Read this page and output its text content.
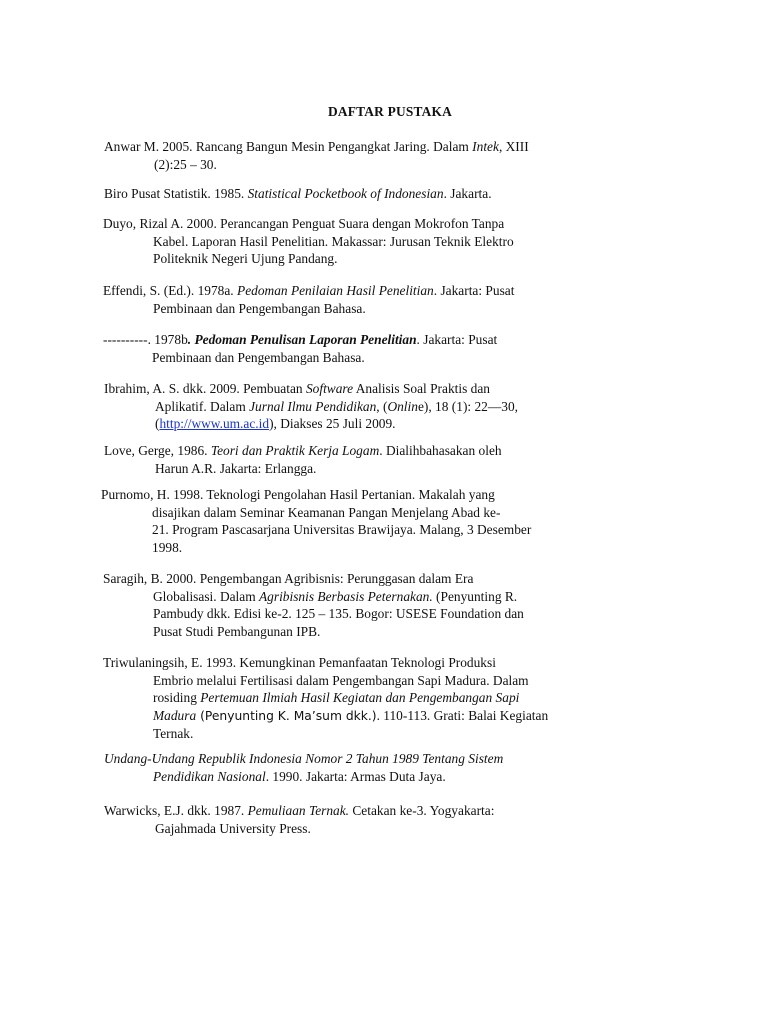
DAFTAR PUSTAKA
Anwar M. 2005. Rancang Bangun Mesin Pengangkat Jaring. Dalam Intek, XIII
(2):25 – 30.
Biro Pusat Statistik. 1985. Statistical Pocketbook of Indonesian. Jakarta.
Duyo, Rizal A. 2000. Perancangan Penguat Suara dengan Mokrofon Tanpa
Kabel. Laporan Hasil Penelitian. Makassar: Jurusan Teknik Elektro
Politeknik Negeri Ujung Pandang.
Effendi, S. (Ed.). 1978a. Pedoman Penilaian Hasil Penelitian. Jakarta: Pusat
Pembinaan dan Pengembangan Bahasa.
----------. 1978b. Pedoman Penulisan Laporan Penelitian. Jakarta: Pusat
Pembinaan dan Pengembangan Bahasa.
Ibrahim, A. S. dkk. 2009. Pembuatan Software Analisis Soal Praktis dan
Aplikatif. Dalam Jurnal Ilmu Pendidikan, (Online), 18 (1): 22—30,
(http://www.um.ac.id), Diakses 25 Juli 2009.
Love, Gerge, 1986. Teori dan Praktik Kerja Logam. Dialihbahasakan oleh
Harun A.R. Jakarta: Erlangga.
Purnomo, H. 1998. Teknologi Pengolahan Hasil Pertanian. Makalah yang
disajikan dalam Seminar Keamanan Pangan Menjelang Abad ke-
21. Program Pascasarjana Universitas Brawijaya. Malang, 3 Desember
1998.
Saragih, B. 2000. Pengembangan Agribisnis: Perunggasan dalam Era
Globalisasi. Dalam Agribisnis Berbasis Peternakan. (Penyunting R.
Pambudy dkk. Edisi ke-2. 125 – 135. Bogor: USESE Foundation dan
Pusat Studi Pembangunan IPB.
Triwulaningsih, E. 1993. Kemungkinan Pemanfaatan Teknologi Produksi
Embrio melalui Fertilisasi dalam Pengembangan Sapi Madura. Dalam
rosiding Pertemuan Ilmiah Hasil Kegiatan dan Pengembangan Sapi
Madura (Penyunting K. Ma’sum dkk.). 110-113. Grati: Balai Kegiatan
Ternak.
Undang-Undang Republik Indonesia Nomor 2 Tahun 1989 Tentang Sistem
Pendidikan Nasional. 1990. Jakarta: Armas Duta Jaya.
Warwicks, E.J. dkk. 1987. Pemuliaan Ternak. Cetakan ke-3. Yogyakarta:
Gajahmada University Press.
